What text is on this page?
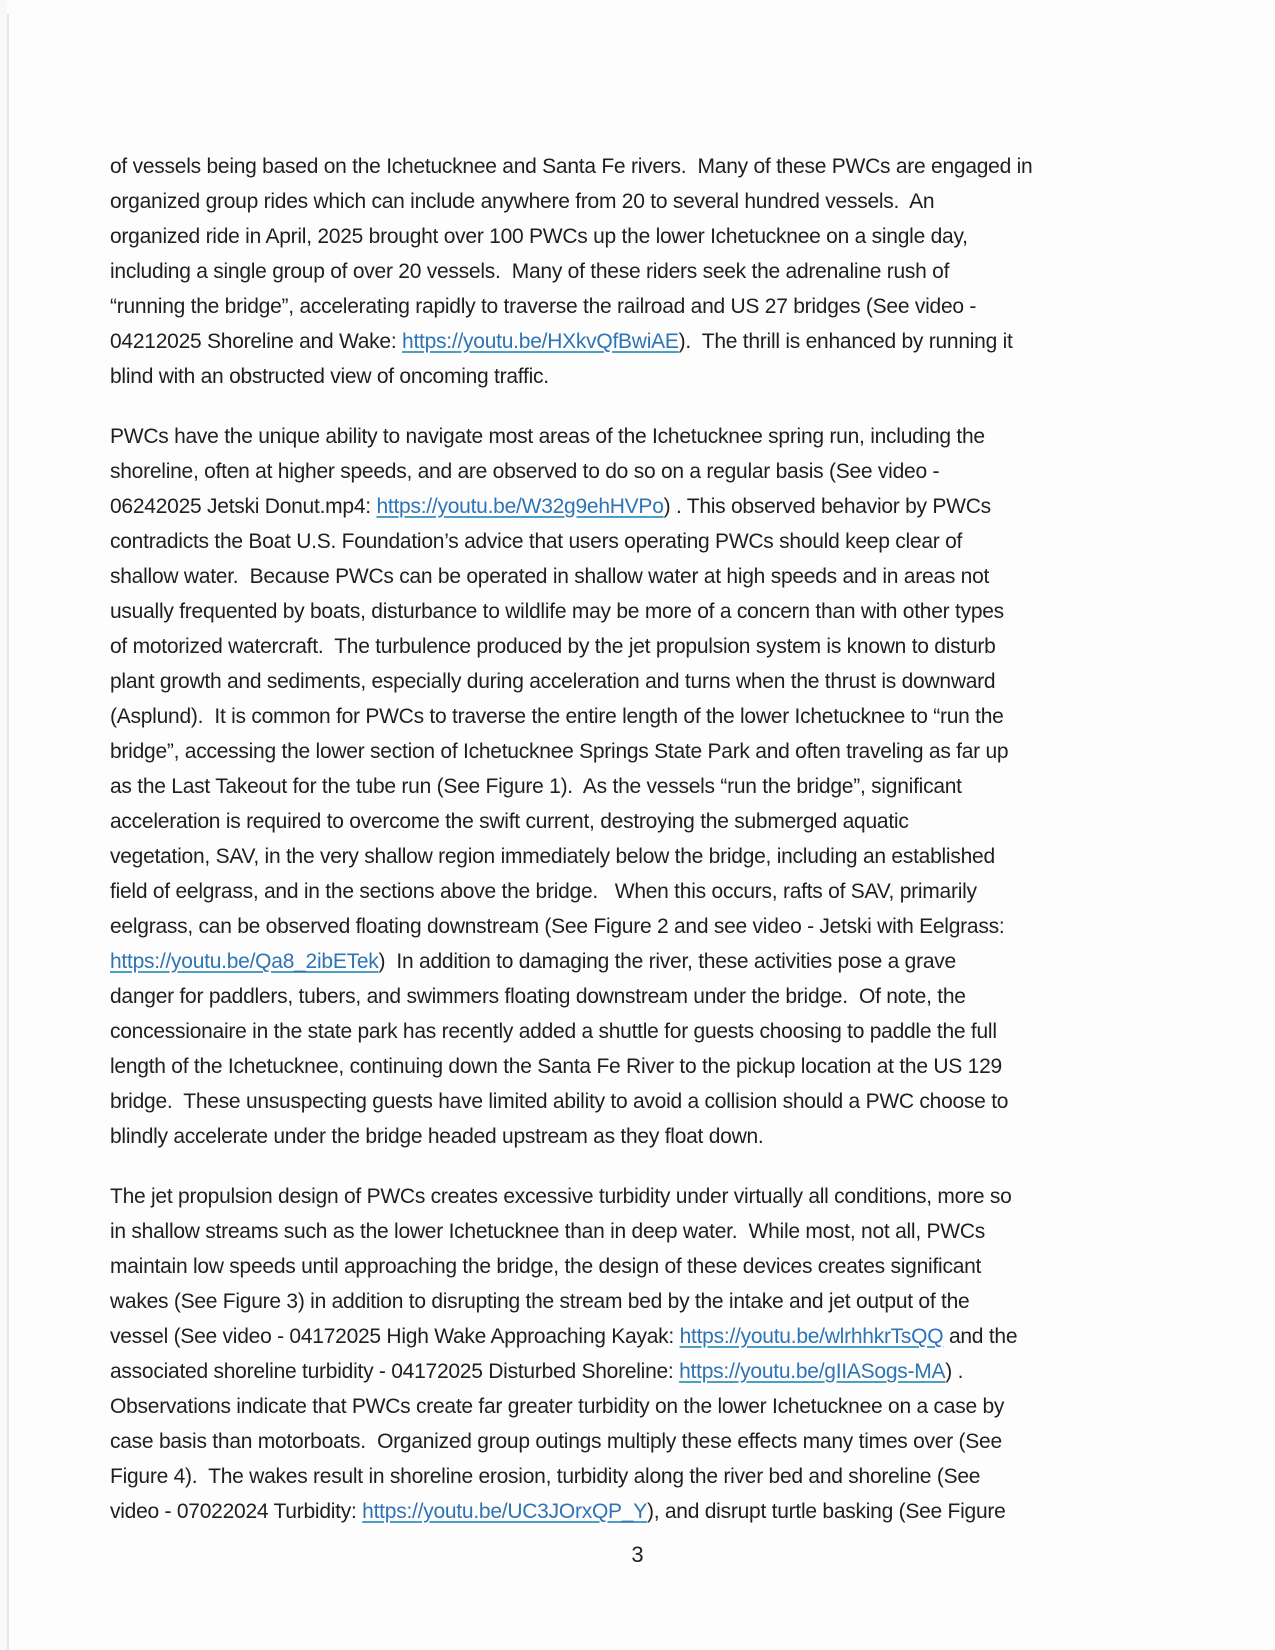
of vessels being based on the Ichetucknee and Santa Fe rivers.  Many of these PWCs are engaged in
organized group rides which can include anywhere from 20 to several hundred vessels.  An
organized ride in April, 2025 brought over 100 PWCs up the lower Ichetucknee on a single day,
including a single group of over 20 vessels.  Many of these riders seek the adrenaline rush of
“running the bridge”, accelerating rapidly to traverse the railroad and US 27 bridges (See video -
04212025 Shoreline and Wake: https://youtu.be/HXkvQfBwiAE).  The thrill is enhanced by running it
blind with an obstructed view of oncoming traffic.
PWCs have the unique ability to navigate most areas of the Ichetucknee spring run, including the
shoreline, often at higher speeds, and are observed to do so on a regular basis (See video -
06242025 Jetski Donut.mp4: https://youtu.be/W32g9ehHVPo) . This observed behavior by PWCs
contradicts the Boat U.S. Foundation’s advice that users operating PWCs should keep clear of
shallow water.  Because PWCs can be operated in shallow water at high speeds and in areas not
usually frequented by boats, disturbance to wildlife may be more of a concern than with other types
of motorized watercraft.  The turbulence produced by the jet propulsion system is known to disturb
plant growth and sediments, especially during acceleration and turns when the thrust is downward
(Asplund).  It is common for PWCs to traverse the entire length of the lower Ichetucknee to “run the
bridge”, accessing the lower section of Ichetucknee Springs State Park and often traveling as far up
as the Last Takeout for the tube run (See Figure 1).  As the vessels “run the bridge”, significant
acceleration is required to overcome the swift current, destroying the submerged aquatic
vegetation, SAV, in the very shallow region immediately below the bridge, including an established
field of eelgrass, and in the sections above the bridge.   When this occurs, rafts of SAV, primarily
eelgrass, can be observed floating downstream (See Figure 2 and see video - Jetski with Eelgrass:
https://youtu.be/Qa8_2ibETek)  In addition to damaging the river, these activities pose a grave
danger for paddlers, tubers, and swimmers floating downstream under the bridge.  Of note, the
concessionaire in the state park has recently added a shuttle for guests choosing to paddle the full
length of the Ichetucknee, continuing down the Santa Fe River to the pickup location at the US 129
bridge.  These unsuspecting guests have limited ability to avoid a collision should a PWC choose to
blindly accelerate under the bridge headed upstream as they float down.
The jet propulsion design of PWCs creates excessive turbidity under virtually all conditions, more so
in shallow streams such as the lower Ichetucknee than in deep water.  While most, not all, PWCs
maintain low speeds until approaching the bridge, the design of these devices creates significant
wakes (See Figure 3) in addition to disrupting the stream bed by the intake and jet output of the
vessel (See video - 04172025 High Wake Approaching Kayak: https://youtu.be/wlrhhkrTsQQ and the
associated shoreline turbidity - 04172025 Disturbed Shoreline: https://youtu.be/gIIASogs-MA) .
Observations indicate that PWCs create far greater turbidity on the lower Ichetucknee on a case by
case basis than motorboats.  Organized group outings multiply these effects many times over (See
Figure 4).  The wakes result in shoreline erosion, turbidity along the river bed and shoreline (See
video - 07022024 Turbidity: https://youtu.be/UC3JOrxQP_Y), and disrupt turtle basking (See Figure
3
